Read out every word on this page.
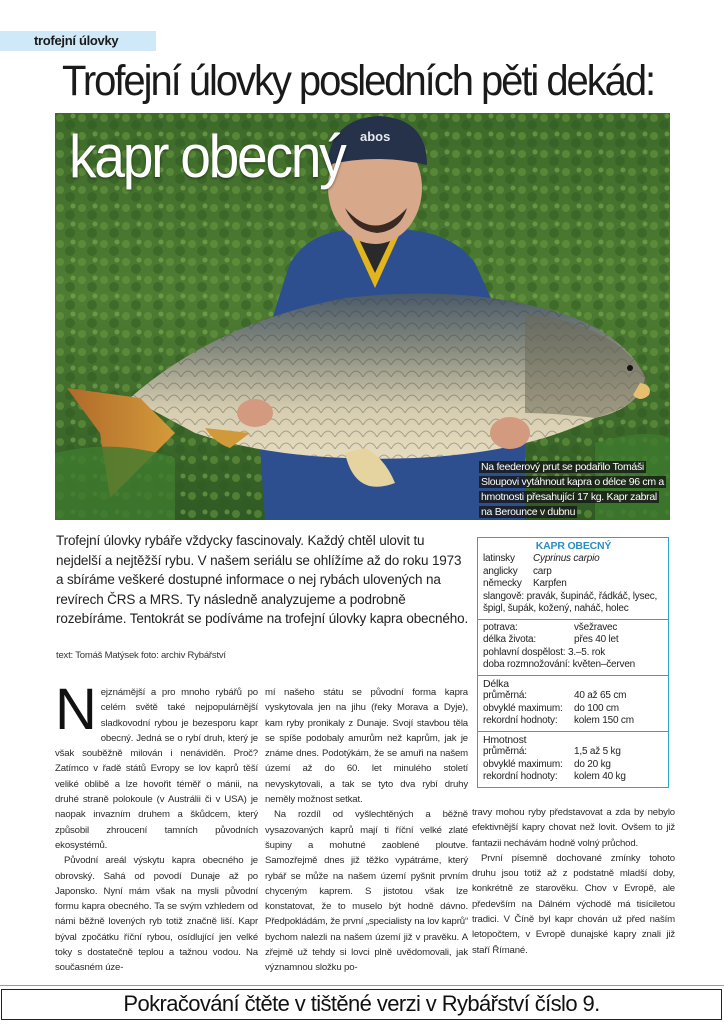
trofejní úlovky
Trofejní úlovky posledních pěti dekád:
abos
kapr obecný
Na feederový prut se podařilo Tomáši Sloupovi vytáhnout kapra o délce 96 cm a hmotnosti přesahující 17 kg. Kapr zabral na Berounce v dubnu
Trofejní úlovky rybáře vždycky fascinovaly. Každý chtěl ulovit tu nejdelší a nejtěžší rybu. V našem seriálu se ohlížíme až do roku 1973 a sbíráme veškeré dostupné informace o nej rybách ulovených na revírech ČRS a MRS. Ty následně analyzujeme a podrobně rozebíráme. Tentokrát se podíváme na trofejní úlovky kapra obecného.
text: Tomáš Matýsek foto: archiv Rybářství
KAPR OBECNÝ
latinsky	Cyprinus carpio
anglicky	carp
německy	Karpfen
slangově: pravák, šupináč, řádkáč, lysec, špigl, šupák, kožený, naháč, holec
potrava:	všežravec
délka života:	přes 40 let
pohlavní dospělost:
3.–5. rok
doba rozmnožování:
květen–červen
Délka
průměrná:	40 až 65 cm
obvyklé maximum:	do 100 cm
rekordní hodnoty:	kolem 150 cm
Hmotnost
průměrná:	1,5 až 5 kg
obvyklé maximum:	do 20 kg
rekordní hodnoty:	kolem 40 kg

Nejznámější a pro mnoho rybářů po celém světě také nejpopulárnější sladkovodní rybou je bezesporu kapr obecný. Jedná se o rybí druh, který je však souběžně milován i nenáviděn. Proč? Zatímco v řadě států Evropy se lov kaprů těší veliké oblibě a lze hovořit téměř o mánii, na druhé straně polokoule (v Austrálii či v USA) je naopak invazním druhem a škůdcem, který způsobil zhroucení tamních původních ekosystémů.

Původní areál výskytu kapra obecného je obrovský. Sahá od povodí Dunaje až po Japonsko. Nyní mám však na mysli původní formu kapra obecného. Ta se svým vzhledem od námi běžně lovených ryb totiž značně liší. Kapr býval zpočátku říční rybou, osídlující jen velké toky s dostatečně teplou a tažnou vodou. Na současném úze-

mí našeho státu se původní forma kapra vyskytovala jen na jihu (řeky Morava a Dyje), kam ryby pronikaly z Dunaje. Svojí stavbou těla se spíše podobaly amurům než kaprům, jak je známe dnes. Podotýkám, že se amuři na našem území až do 60. let minulého století nevyskytovali, a tak se tyto dva rybí druhy neměly možnost setkat.

Na rozdíl od vyšlechtěných a běžně vysazovaných kaprů mají ti říční velké zlaté šupiny a mohutné zaoblené ploutve. Samozřejmě dnes již těžko vypátráme, který rybář se může na našem území pyšnit prvním chyceným kaprem. S jistotou však lze konstatovat, že to muselo být hodně dávno. Předpokládám, že první „specialisty na lov kaprů“ bychom nalezli na našem území již v pravěku. A zřejmě už tehdy si lovci plně uvědomovali, jak významnou složku po-

travy mohou ryby představovat a zda by nebylo efektivnější kapry chovat než lovit. Ovšem to již fantazii nechávám hodně volný průchod.

První písemně dochované zmínky tohoto druhu jsou totiž až z podstatně mladší doby, konkrétně ze starověku. Chov v Evropě, ale především na Dálném východě má tisíciletou tradici. V Číně byl kapr chován už před naším letopočtem, v Evropě dunajské kapry znali již staří Římané.

Pokračování čtěte v tištěné verzi v Rybářství číslo 9.
